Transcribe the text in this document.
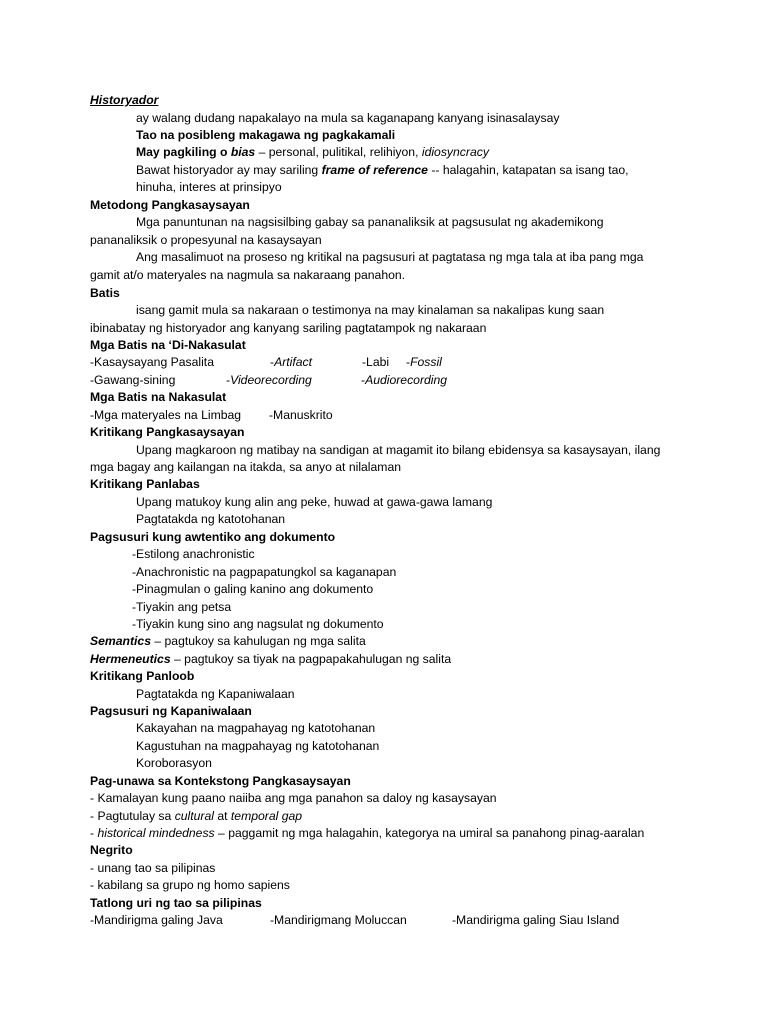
Historyador
ay walang dudang napakalayo na mula sa kaganapang kanyang isinasalaysay
Tao na posibleng makagawa ng pagkakamali
May pagkiling o bias – personal, pulitikal, relihiyon, idiosyncracy
Bawat historyador ay may sariling frame of reference -- halagahin, katapatan sa isang tao,
hinuha, interes at prinsipyo
Metodong Pangkasaysayan
Mga panuntunan na nagsisilbing gabay sa pananaliksik at pagsusulat ng akademikong
pananaliksik o propesyunal na kasaysayan
Ang masalimuot na proseso ng kritikal na pagsusuri at pagtatasa ng mga tala at iba pang mga
gamit at/o materyales na nagmula sa nakaraang panahon.
Batis
isang gamit mula sa nakaraan o testimonya na may kinalaman sa nakalipas kung saan
ibinabatay ng historyador ang kanyang sariling pagtatampok ng nakaraan
Mga Batis na ‘Di-Nakasulat
-Kasaysayang Pasalita	-Artifact	-Labi -Fossil
-Gawang-sining	-Videorecording	-Audiorecording
Mga Batis na Nakasulat
-Mga materyales na Limbag -Manuskrito
Kritikang Pangkasaysayan
Upang magkaroon ng matibay na sandigan at magamit ito bilang ebidensya sa kasaysayan, ilang
mga bagay ang kailangan na itakda, sa anyo at nilalaman
Kritikang Panlabas
Upang matukoy kung alin ang peke, huwad at gawa-gawa lamang
Pagtatakda ng katotohanan
Pagsusuri kung awtentiko ang dokumento
-Estilong anachronistic
-Anachronistic na pagpapatungkol sa kaganapan
-Pinagmulan o galing kanino ang dokumento
-Tiyakin ang petsa
-Tiyakin kung sino ang nagsulat ng dokumento
Semantics – pagtukoy sa kahulugan ng mga salita
Hermeneutics – pagtukoy sa tiyak na pagpapakahulugan ng salita
Kritikang Panloob
Pagtatakda ng Kapaniwalaan
Pagsusuri ng Kapaniwalaan
Kakayahan na magpahayag ng katotohanan
Kagustuhan na magpahayag ng katotohanan
Koroborasyon
Pag-unawa sa Kontekstong Pangkasaysayan
- Kamalayan kung paano naiiba ang mga panahon sa daloy ng kasaysayan
- Pagtutulay sa cultural at temporal gap
- historical mindedness – paggamit ng mga halagahin, kategorya na umiral sa panahong pinag-aaralan
Negrito
- unang tao sa pilipinas
- kabilang sa grupo ng homo sapiens
Tatlong uri ng tao sa pilipinas
-Mandirigma galing Java	-Mandirigmang Moluccan	-Mandirigma galing Siau Island
